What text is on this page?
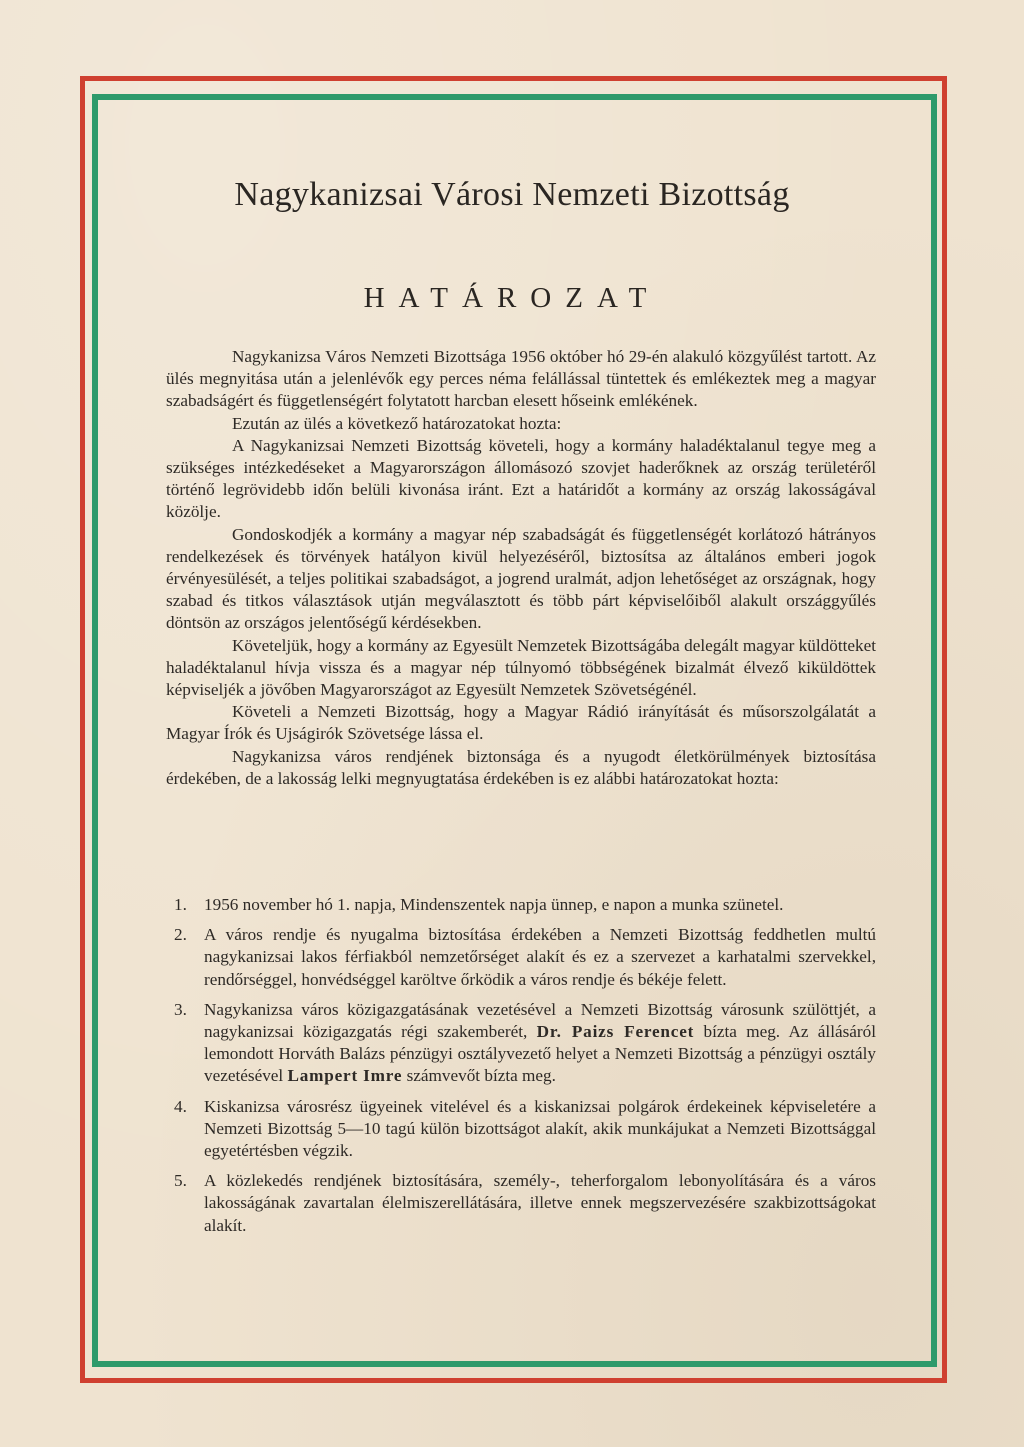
Nagykanizsai Városi Nemzeti Bizottság
HATÁROZAT

Nagykanizsa Város Nemzeti Bizottsága 1956 október hó 29-én alakuló közgyűlést tartott. Az ülés megnyitása után a jelenlévők egy perces néma felállással tüntettek és emlékeztek meg a magyar szabadságért és függetlenségért folytatott harcban elesett hőseink emlékének.

Ezután az ülés a következő határozatokat hozta:

A Nagykanizsai Nemzeti Bizottság követeli, hogy a kormány haladéktalanul tegye meg a szükséges intézkedéseket a Magyarországon állomásozó szovjet haderőknek az ország területéről történő legrövidebb időn belüli kivonása iránt. Ezt a határidőt a kormány az ország lakosságával közölje.

Gondoskodjék a kormány a magyar nép szabadságát és függetlenségét korlátozó hátrányos rendelkezések és törvények hatályon kivül helyezéséről, biztosítsa az általános emberi jogok érvényesülését, a teljes politikai szabadságot, a jogrend uralmát, adjon lehetőséget az országnak, hogy szabad és titkos választások utján megválasztott és több párt képviselőiből alakult országgyűlés döntsön az országos jelentőségű kérdésekben.

Követeljük, hogy a kormány az Egyesült Nemzetek Bizottságába delegált magyar küldötteket haladéktalanul hívja vissza és a magyar nép túlnyomó többségének bizalmát élvező kiküldöttek képviseljék a jövőben Magyarországot az Egyesült Nemzetek Szövetségénél.

Követeli a Nemzeti Bizottság, hogy a Magyar Rádió irányítását és műsorszolgálatát a Magyar Írók és Ujságirók Szövetsége lássa el.

Nagykanizsa város rendjének biztonsága és a nyugodt életkörülmények biztosítása érdekében, de a lakosság lelki megnyugtatása érdekében is ez alábbi határozatokat hozta:

1. 1956 november hó 1. napja, Mindenszentek napja ünnep, e napon a munka szünetel.
2. A város rendje és nyugalma biztosítása érdekében a Nemzeti Bizottság feddhetlen multú nagykanizsai lakos férfiakból nemzetőrséget alakít és ez a szervezet a karhatalmi szervekkel, rendőrséggel, honvédséggel karöltve őrködik a város rendje és békéje felett.
3. Nagykanizsa város közigazgatásának vezetésével a Nemzeti Bizottság városunk szülöttjét, a nagykanizsai közigazgatás régi szakemberét, Dr. Paizs Ferencet bízta meg. Az állásáról lemondott Horváth Balázs pénzügyi osztályvezető helyet a Nemzeti Bizottság a pénzügyi osztály vezetésével Lampert Imre számvevőt bízta meg.
4. Kiskanizsa városrész ügyeinek vitelével és a kiskanizsai polgárok érdekeinek képviseletére a Nemzeti Bizottság 5—10 tagú külön bizottságot alakít, akik munkájukat a Nemzeti Bizottsággal egyetértésben végzik.
5. A közlekedés rendjének biztosítására, személy-, teherforgalom lebonyolítására és a város lakosságának zavartalan élelmiszerellátására, illetve ennek megszervezésére szakbizottságokat alakít.
